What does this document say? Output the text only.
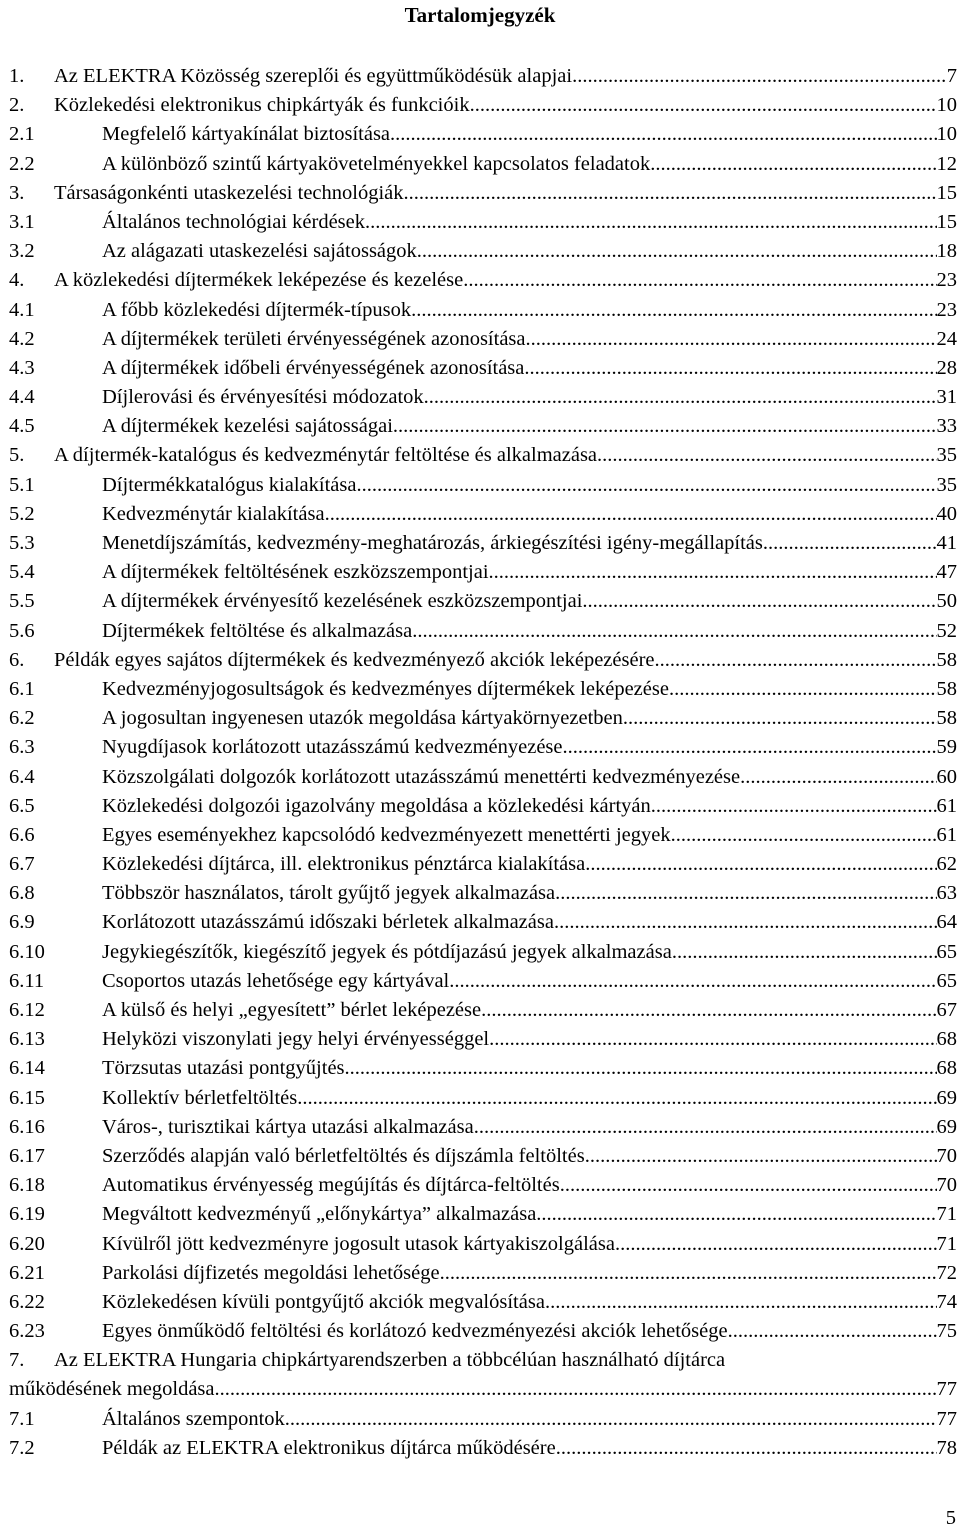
Tartalomjegyzék
1. Az ELEKTRA Közösség szereplői és együttműködésük alapjai .....	7
2. Közlekedési elektronikus chipkártyák és funkcióik .....	10
2.1	Megfelelő kártyakínálat biztosítása .....	10
2.2	A különböző szintű kártyakövetelményekkel kapcsolatos feladatok .....	12
3. Társaságonkénti utaskezelési technológiák .....	15
3.1	Általános technológiai kérdések .....	15
3.2	Az alágazati utaskezelési sajátosságok .....	18
4. A közlekedési díjtermékek leképezése és kezelése .....	23
4.1	A főbb közlekedési díjtermék-típusok .....	23
4.2	A díjtermékek területi érvényességének azonosítása .....	24
4.3	A díjtermékek időbeli érvényességének azonosítása .....	28
4.4	Díjlerovási és érvényesítési módozatok .....	31
4.5	A díjtermékek kezelési sajátosságai .....	33
5. A díjtermék-katalógus és kedvezménytár feltöltése és alkalmazása .....	35
5.1	Díjtermékkatalógus kialakítása .....	35
5.2	Kedvezménytár kialakítása .....	40
5.3	Menetdíjszámítás, kedvezmény-meghatározás, árkiegészítési igény-megállapítás .....	41
5.4	A díjtermékek feltöltésének eszközszempontjai .....	47
5.5	A díjtermékek érvényesítő kezelésének eszközszempontjai .....	50
5.6	Díjtermékek feltöltése és alkalmazása .....	52
6. Példák egyes sajátos díjtermékek és kedvezményező akciók leképezésére .....	58
6.1	Kedvezményjogosultságok és kedvezményes díjtermékek leképezése .....	58
6.2	A jogosultan ingyenesen utazók megoldása kártyakörnyezetben .....	58
6.3	Nyugdíjasok korlátozott utazásszámú kedvezményezése .....	59
6.4	Közszolgálati dolgozók korlátozott utazásszámú menettérti kedvezményezése .....	60
6.5	Közlekedési dolgozói igazolvány megoldása a közlekedési kártyán .....	61
6.6	Egyes eseményekhez kapcsolódó kedvezményezett menettérti jegyek .....	61
6.7	Közlekedési díjtárca, ill. elektronikus pénztárca kialakítása .....	62
6.8	Többször használatos, tárolt gyűjtő jegyek alkalmazása .....	63
6.9	Korlátozott utazásszámú időszaki bérletek alkalmazása .....	64
6.10	Jegykiegészítők, kiegészítő jegyek és pótdíjazású jegyek alkalmazása .....	65
6.11	Csoportos utazás lehetősége egy kártyával .....	65
6.12	A külső és helyi „egyesített” bérlet leképezése .....	67
6.13	Helyközi viszonylati jegy helyi érvényességgel .....	68
6.14	Törzsutas utazási pontgyűjtés .....	68
6.15	Kollektív bérletfeltöltés .....	69
6.16	Város-, turisztikai kártya utazási alkalmazása .....	69
6.17	Szerződés alapján való bérletfeltöltés és díjszámla feltöltés .....	70
6.18	Automatikus érvényesség megújítás és díjtárca-feltöltés .....	70
6.19	Megváltott kedvezményű „előnykártya” alkalmazása .....	71
6.20	Kívülről jött kedvezményre jogosult utasok kártyakiszolgálása .....	71
6.21	Parkolási díjfizetés megoldási lehetősége .....	72
6.22	Közlekedésen kívüli pontgyűjtő akciók megvalósítása .....	74
6.23	Egyes önműködő feltöltési és korlátozó kedvezményezési akciók lehetősége .....	75
7. Az ELEKTRA Hungaria chipkártyarendszerben a többcélúan használható díjtárca
működésének megoldása .....	77
7.1	Általános szempontok .....	77
7.2	Példák az ELEKTRA elektronikus díjtárca működésére .....	78
5
